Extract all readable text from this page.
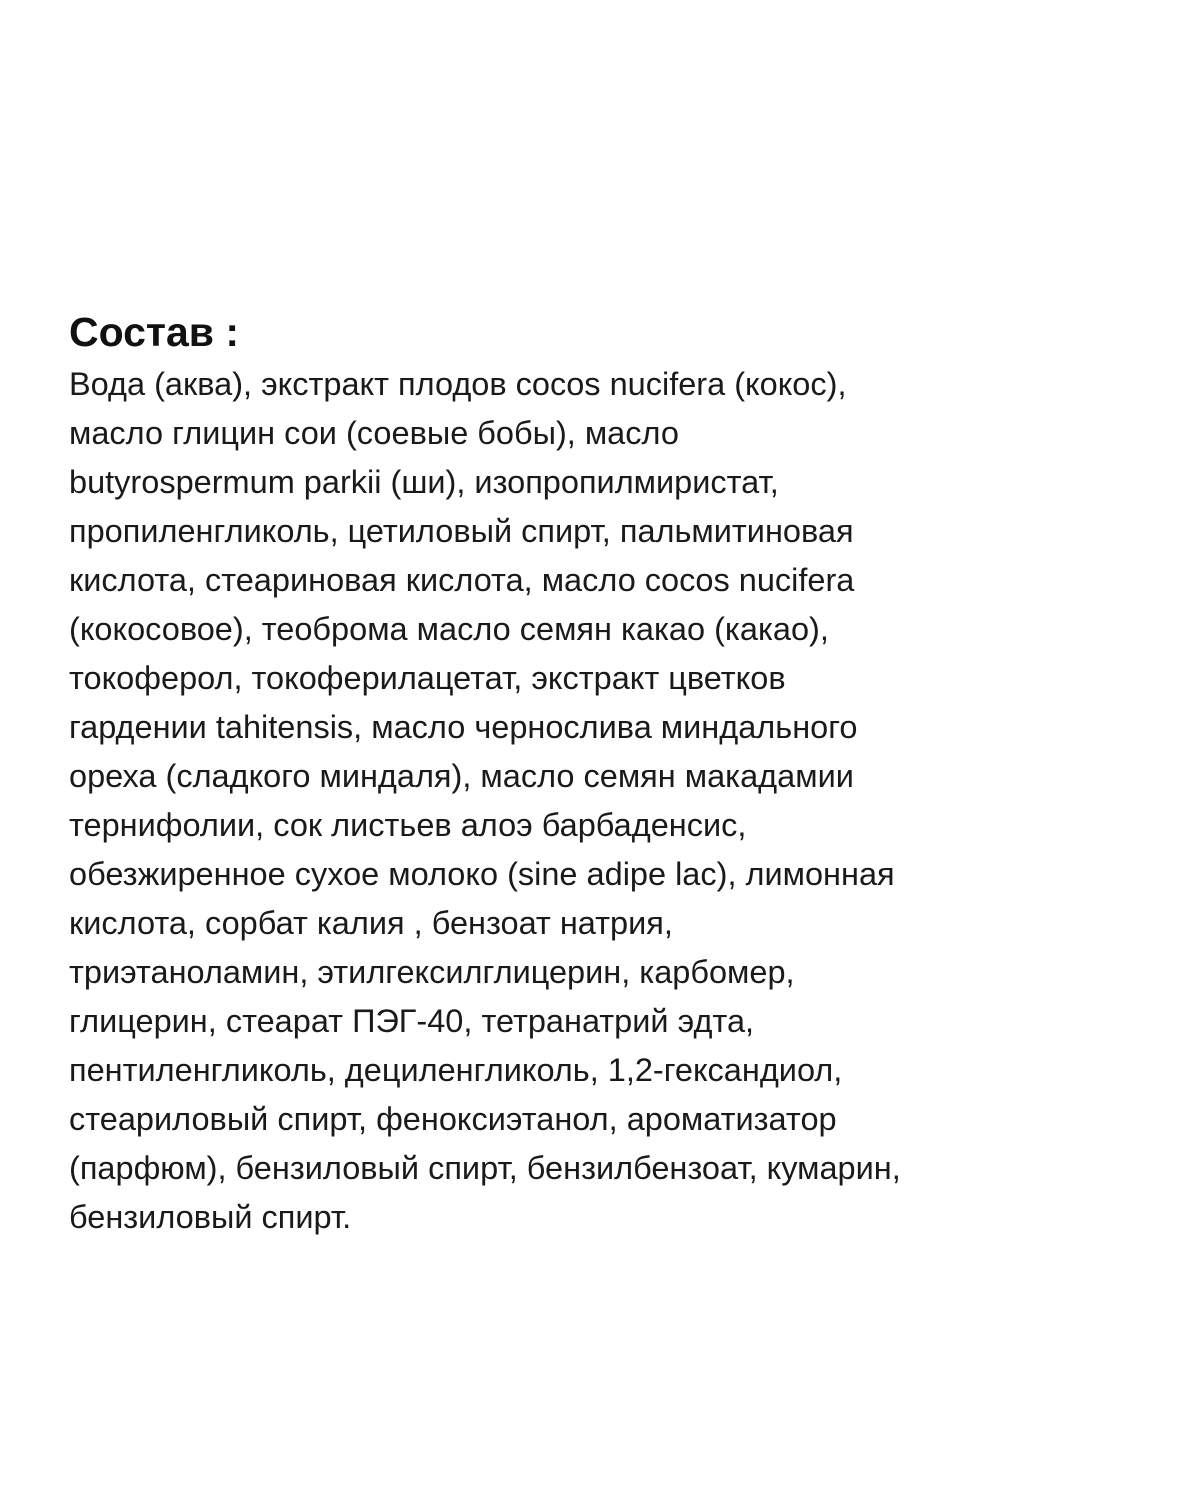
Состав :
Вода (аква), экстракт плодов cocos nucifera (кокос),
масло глицин сои (соевые бобы), масло
butyrospermum parkii (ши), изопропилмиристат,
пропиленгликоль, цетиловый спирт, пальмитиновая
кислота, стеариновая кислота, масло cocos nucifera
(кокосовое), теоброма масло семян какао (какао),
токоферол, токоферилацетат, экстракт цветков
гардении tahitensis, масло чернослива миндального
ореха (сладкого миндаля), масло семян макадамии
тернифолии, сок листьев алоэ барбаденсис,
обезжиренное сухое молоко (sine adipe lac), лимонная
кислота, сорбат калия , бензоат натрия,
триэтаноламин, этилгексилглицерин, карбомер,
глицерин, стеарат ПЭГ-40, тетранатрий эдта,
пентиленгликоль, дециленгликоль, 1,2-гександиол,
стеариловый спирт, феноксиэтанол, ароматизатор
(парфюм), бензиловый спирт, бензилбензоат, кумарин,
бензиловый спирт.
